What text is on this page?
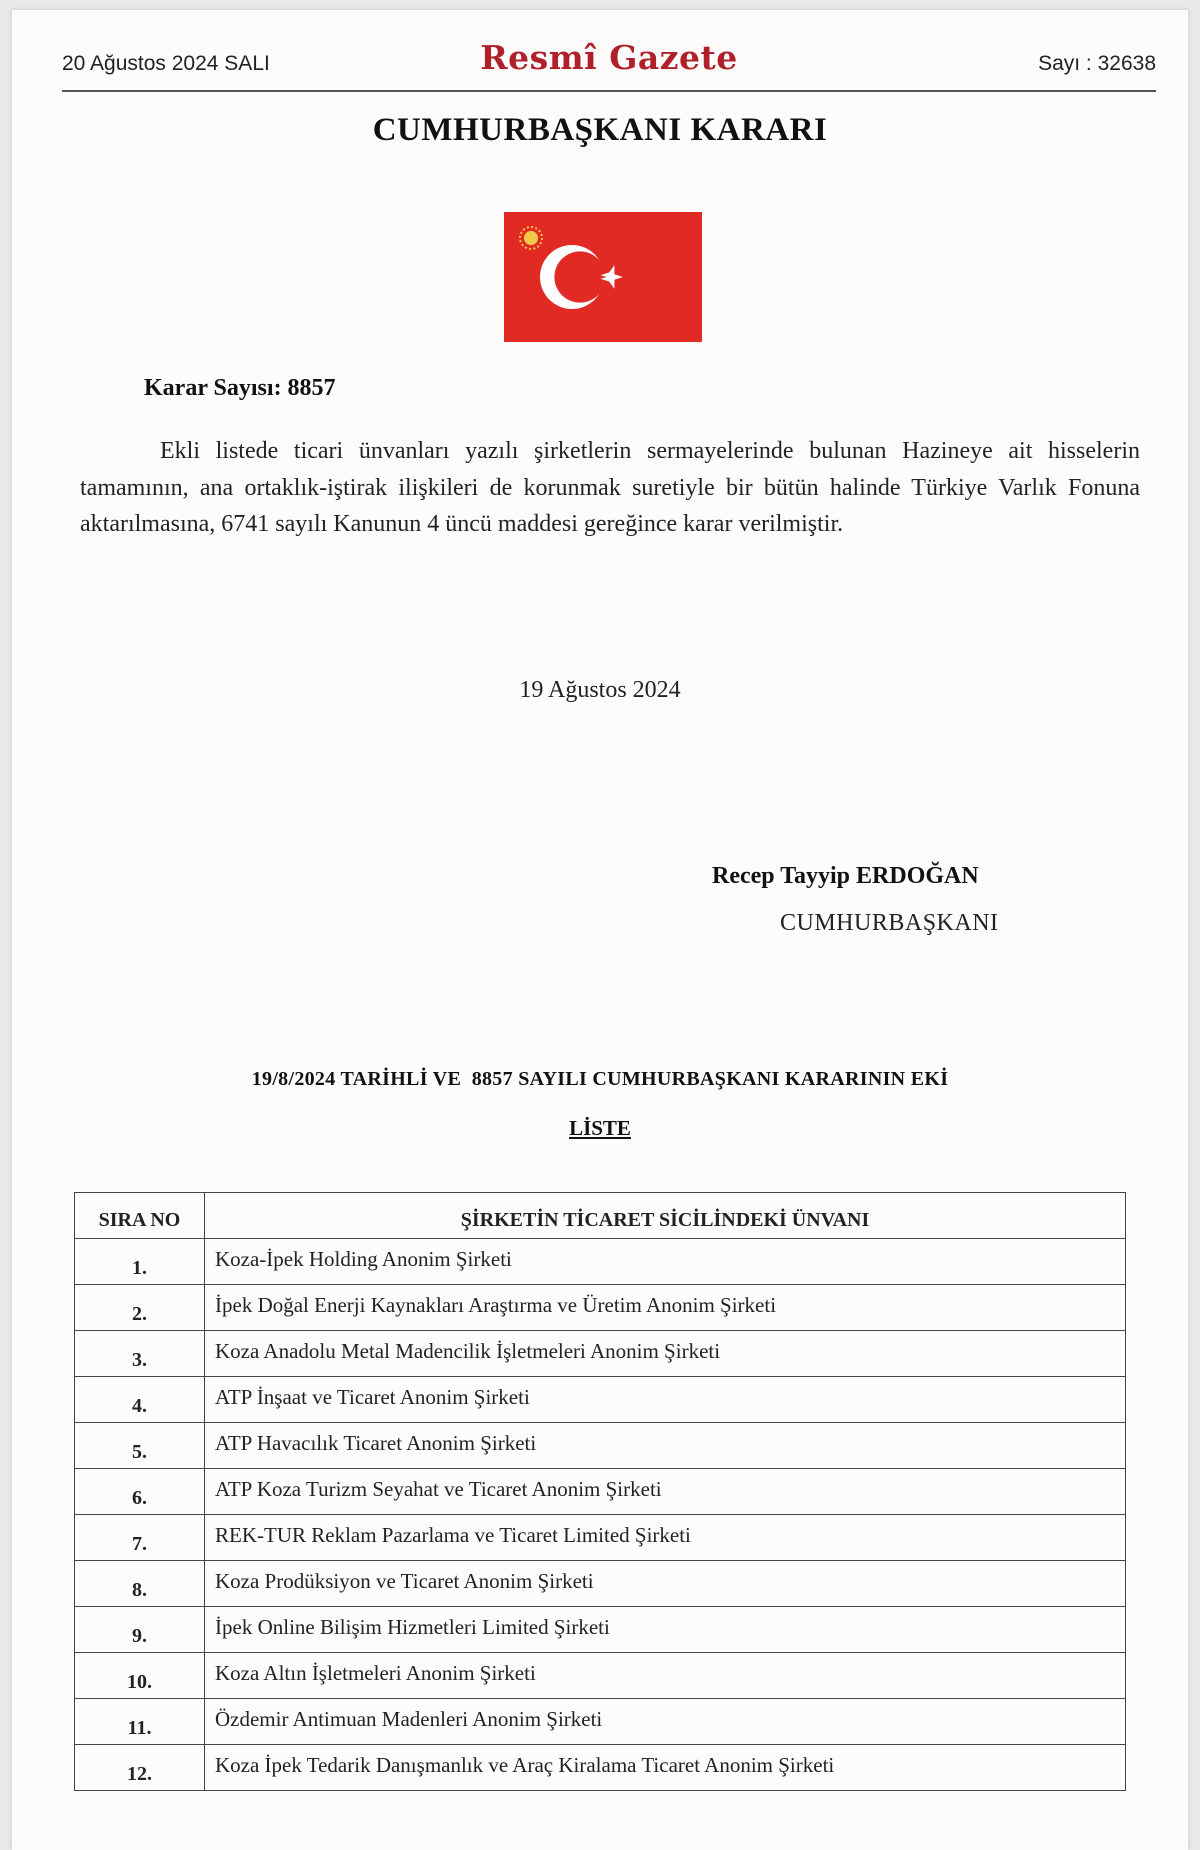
20 Ağustos 2024 SALI	Resmî Gazete	Sayı : 32638
CUMHURBAŞKANI KARARI
Karar Sayısı: 8857

Ekli listede ticari ünvanları yazılı şirketlerin sermayelerinde bulunan Hazineye ait hisselerin tamamının, ana ortaklık-iştirak ilişkileri de korunmak suretiyle bir bütün halinde Türkiye Varlık Fonuna aktarılmasına, 6741 sayılı Kanunun 4 üncü maddesi gereğince karar verilmiştir.

19 Ağustos 2024
Recep Tayyip ERDOĞAN
CUMHURBAŞKANI
19/8/2024 TARİHLİ VE  8857 SAYILI CUMHURBAŞKANI KARARININ EKİ
LİSTE
SIRA NO	ŞİRKETİN TİCARET SİCİLİNDEKİ ÜNVANI
1.	Koza-İpek Holding Anonim Şirketi
2.	İpek Doğal Enerji Kaynakları Araştırma ve Üretim Anonim Şirketi
3.	Koza Anadolu Metal Madencilik İşletmeleri Anonim Şirketi
4.	ATP İnşaat ve Ticaret Anonim Şirketi
5.	ATP Havacılık Ticaret Anonim Şirketi
6.	ATP Koza Turizm Seyahat ve Ticaret Anonim Şirketi
7.	REK-TUR Reklam Pazarlama ve Ticaret Limited Şirketi
8.	Koza Prodüksiyon ve Ticaret Anonim Şirketi
9.	İpek Online Bilişim Hizmetleri Limited Şirketi
10.	Koza Altın İşletmeleri Anonim Şirketi
11.	Özdemir Antimuan Madenleri Anonim Şirketi
12.	Koza İpek Tedarik Danışmanlık ve Araç Kiralama Ticaret Anonim Şirketi
